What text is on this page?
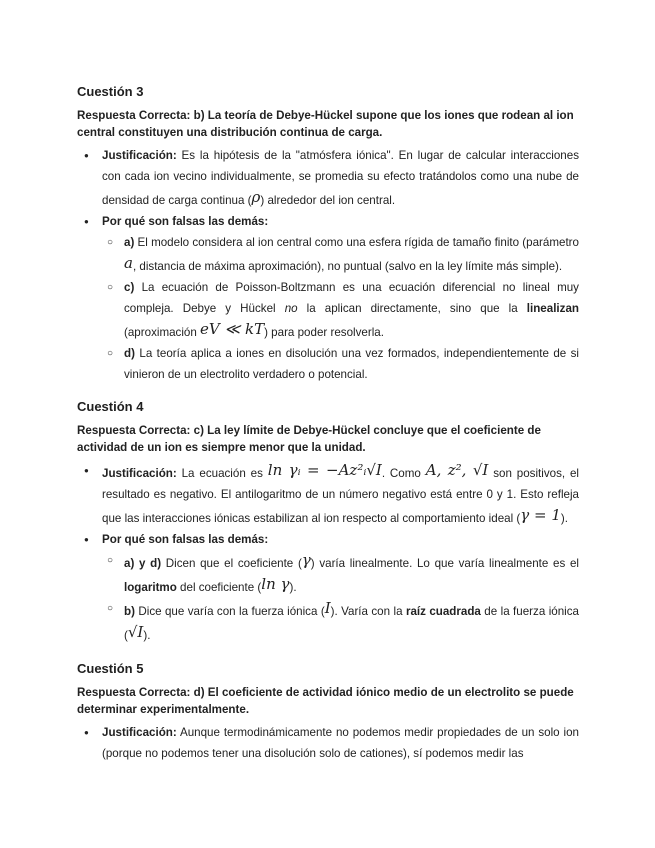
Cuestión 3

Respuesta Correcta: b) La teoría de Debye-Hückel supone que los iones que rodean al ion central constituyen una distribución continua de carga.

● Justificación: Es la hipótesis de la "atmósfera iónica". En lugar de calcular interacciones con cada ion vecino individualmente, se promedia su efecto tratándolos como una nube de densidad de carga continua (ρ) alrededor del ion central.
● Por qué son falsas las demás:
○ a) El modelo considera al ion central como una esfera rígida de tamaño finito (parámetro a, distancia de máxima aproximación), no puntual (salvo en la ley límite más simple).
○ c) La ecuación de Poisson-Boltzmann es una ecuación diferencial no lineal muy compleja. Debye y Hückel no la aplican directamente, sino que la linealizan (aproximación eV ≪ kT) para poder resolverla.
○ d) La teoría aplica a iones en disolución una vez formados, independientemente de si vinieron de un electrolito verdadero o potencial.
Cuestión 4

Respuesta Correcta: c) La ley límite de Debye-Hückel concluye que el coeficiente de actividad de un ion es siempre menor que la unidad.

● Justificación: La ecuación es ln γᵢ = −Az²ᵢ√I. Como A, z², √I son positivos, el resultado es negativo. El antilogaritmo de un número negativo está entre 0 y 1. Esto refleja que las interacciones iónicas estabilizan al ion respecto al comportamiento ideal (γ = 1).
● Por qué son falsas las demás:
○ a) y d) Dicen que el coeficiente (γ) varía linealmente. Lo que varía linealmente es el logaritmo del coeficiente (ln γ).
○ b) Dice que varía con la fuerza iónica (I). Varía con la raíz cuadrada de la fuerza iónica (√I).
Cuestión 5

Respuesta Correcta: d) El coeficiente de actividad iónico medio de un electrolito se puede determinar experimentalmente.

● Justificación: Aunque termodinámicamente no podemos medir propiedades de un solo ion (porque no podemos tener una disolución solo de cationes), sí podemos medir las
